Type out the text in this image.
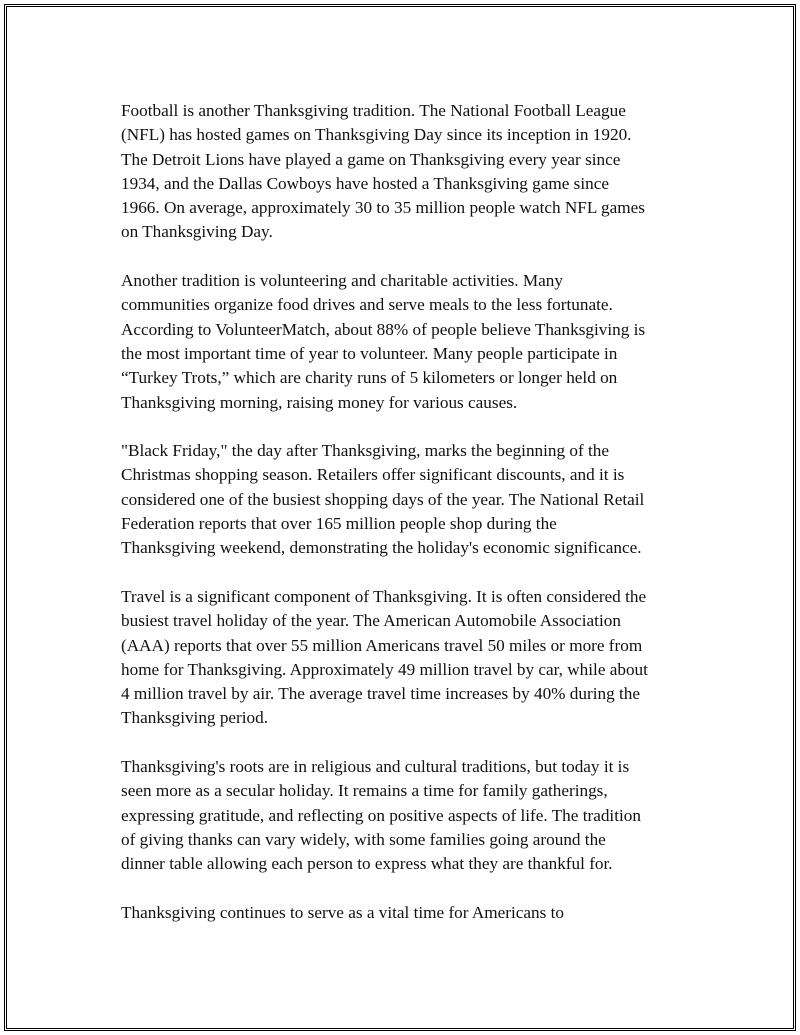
Football is another Thanksgiving tradition. The National Football League
(NFL) has hosted games on Thanksgiving Day since its inception in 1920.
The Detroit Lions have played a game on Thanksgiving every year since
1934, and the Dallas Cowboys have hosted a Thanksgiving game since
1966. On average, approximately 30 to 35 million people watch NFL games
on Thanksgiving Day.

Another tradition is volunteering and charitable activities. Many
communities organize food drives and serve meals to the less fortunate.
According to VolunteerMatch, about 88% of people believe Thanksgiving is
the most important time of year to volunteer. Many people participate in
“Turkey Trots,” which are charity runs of 5 kilometers or longer held on
Thanksgiving morning, raising money for various causes.

"Black Friday," the day after Thanksgiving, marks the beginning of the
Christmas shopping season. Retailers offer significant discounts, and it is
considered one of the busiest shopping days of the year. The National Retail
Federation reports that over 165 million people shop during the
Thanksgiving weekend, demonstrating the holiday's economic significance.

Travel is a significant component of Thanksgiving. It is often considered the
busiest travel holiday of the year. The American Automobile Association
(AAA) reports that over 55 million Americans travel 50 miles or more from
home for Thanksgiving. Approximately 49 million travel by car, while about
4 million travel by air. The average travel time increases by 40% during the
Thanksgiving period.

Thanksgiving's roots are in religious and cultural traditions, but today it is
seen more as a secular holiday. It remains a time for family gatherings,
expressing gratitude, and reflecting on positive aspects of life. The tradition
of giving thanks can vary widely, with some families going around the
dinner table allowing each person to express what they are thankful for.

Thanksgiving continues to serve as a vital time for Americans to
